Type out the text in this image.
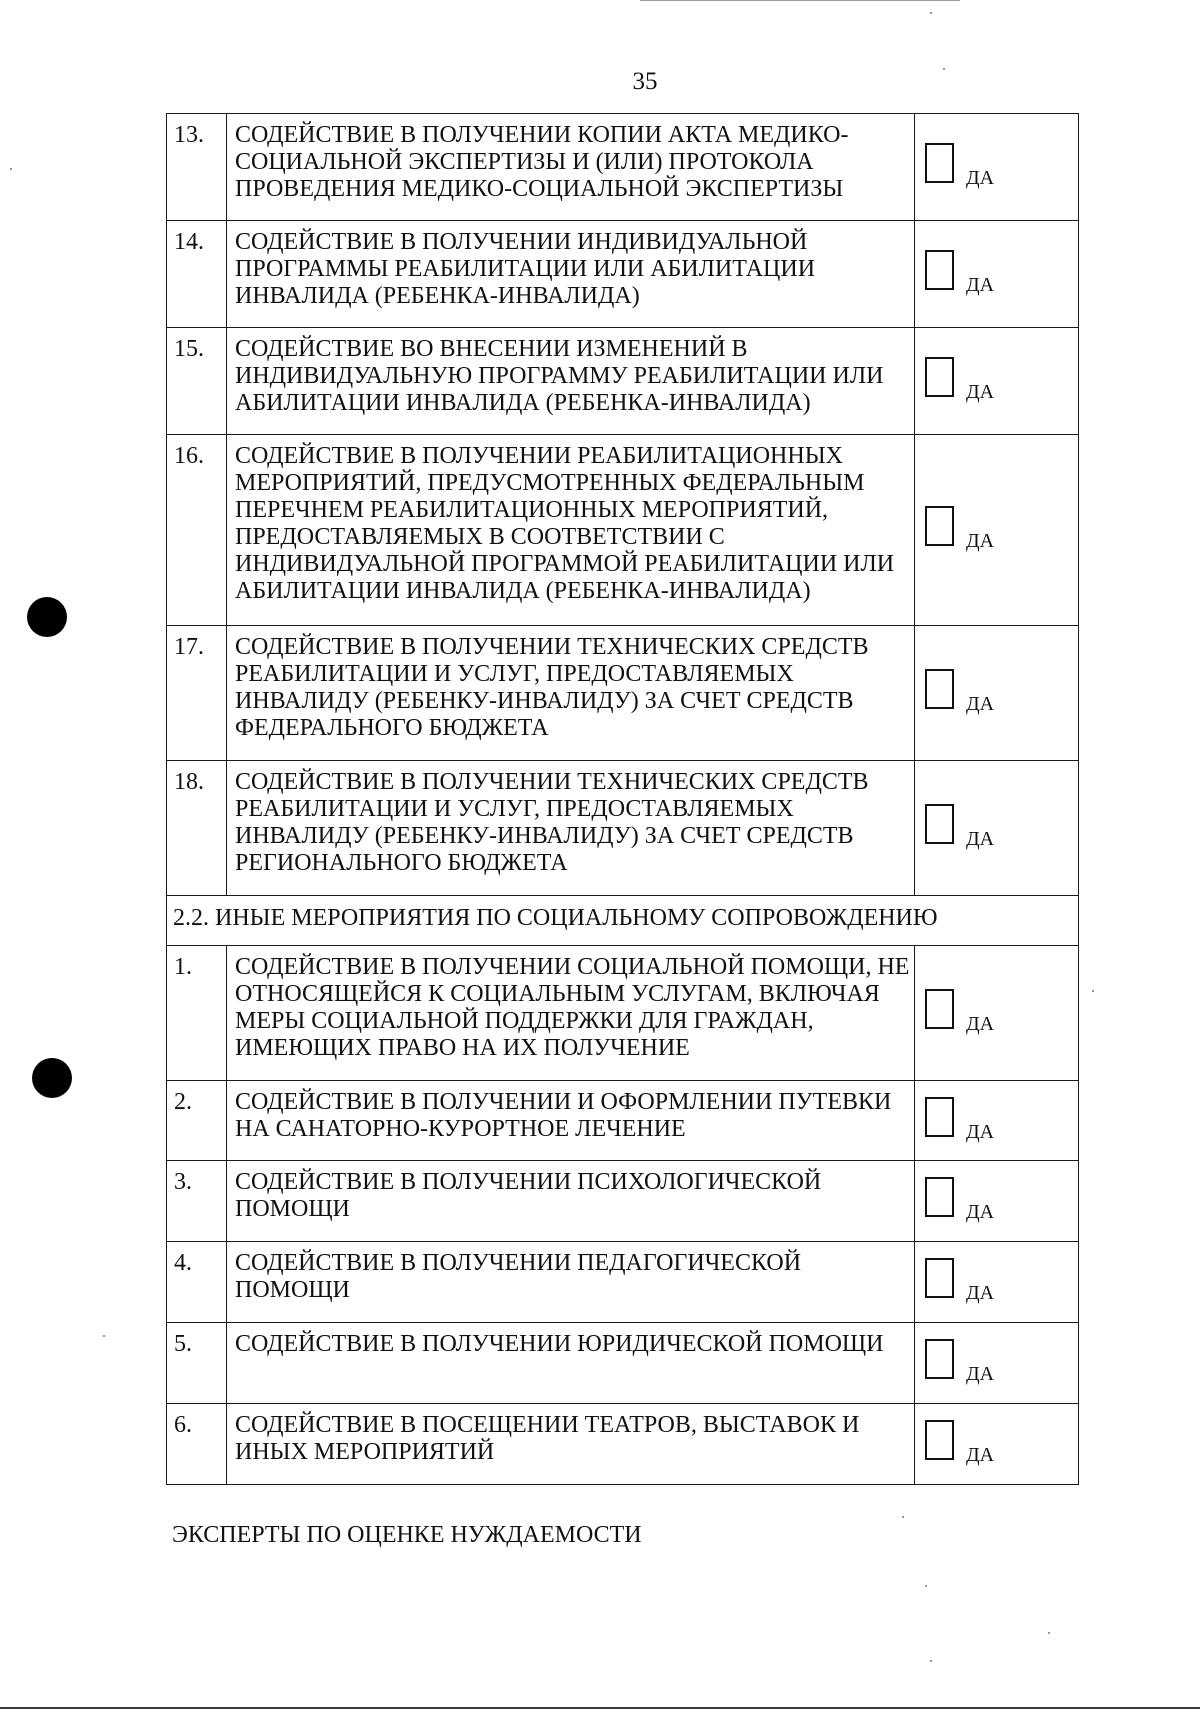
35
13.	СОДЕЙСТВИЕ В ПОЛУЧЕНИИ КОПИИ АКТА МЕДИКО-СОЦИАЛЬНОЙ ЭКСПЕРТИЗЫ И (ИЛИ) ПРОТОКОЛА ПРОВЕДЕНИЯ МЕДИКО-СОЦИАЛЬНОЙ ЭКСПЕРТИЗЫ	ДА

14.	СОДЕЙСТВИЕ В ПОЛУЧЕНИИ ИНДИВИДУАЛЬНОЙ ПРОГРАММЫ РЕАБИЛИТАЦИИ ИЛИ АБИЛИТАЦИИ ИНВАЛИДА (РЕБЕНКА-ИНВАЛИДА)	ДА

15.	СОДЕЙСТВИЕ ВО ВНЕСЕНИИ ИЗМЕНЕНИЙ В ИНДИВИДУАЛЬНУЮ ПРОГРАММУ РЕАБИЛИТАЦИИ ИЛИ АБИЛИТАЦИИ ИНВАЛИДА (РЕБЕНКА-ИНВАЛИДА)	ДА

16.	СОДЕЙСТВИЕ В ПОЛУЧЕНИИ РЕАБИЛИТАЦИОННЫХ МЕРОПРИЯТИЙ, ПРЕДУСМОТРЕННЫХ ФЕДЕРАЛЬНЫМ ПЕРЕЧНЕМ РЕАБИЛИТАЦИОННЫХ МЕРОПРИЯТИЙ, ПРЕДОСТАВЛЯЕМЫХ В СООТВЕТСТВИИ С ИНДИВИДУАЛЬНОЙ ПРОГРАММОЙ РЕАБИЛИТАЦИИ ИЛИ АБИЛИТАЦИИ ИНВАЛИДА (РЕБЕНКА-ИНВАЛИДА)	ДА

17.	СОДЕЙСТВИЕ В ПОЛУЧЕНИИ ТЕХНИЧЕСКИХ СРЕДСТВ РЕАБИЛИТАЦИИ И УСЛУГ, ПРЕДОСТАВЛЯЕМЫХ ИНВАЛИДУ (РЕБЕНКУ-ИНВАЛИДУ) ЗА СЧЕТ СРЕДСТВ ФЕДЕРАЛЬНОГО БЮДЖЕТА	ДА

18.	СОДЕЙСТВИЕ В ПОЛУЧЕНИИ ТЕХНИЧЕСКИХ СРЕДСТВ РЕАБИЛИТАЦИИ И УСЛУГ, ПРЕДОСТАВЛЯЕМЫХ ИНВАЛИДУ (РЕБЕНКУ-ИНВАЛИДУ) ЗА СЧЕТ СРЕДСТВ РЕГИОНАЛЬНОГО БЮДЖЕТА	ДА

2.2. ИНЫЕ МЕРОПРИЯТИЯ ПО СОЦИАЛЬНОМУ СОПРОВОЖДЕНИЮ		
1.	СОДЕЙСТВИЕ В ПОЛУЧЕНИИ СОЦИАЛЬНОЙ ПОМОЩИ, НЕ ОТНОСЯЩЕЙСЯ К СОЦИАЛЬНЫМ УСЛУГАМ, ВКЛЮЧАЯ МЕРЫ СОЦИАЛЬНОЙ ПОДДЕРЖКИ ДЛЯ ГРАЖДАН, ИМЕЮЩИХ ПРАВО НА ИХ ПОЛУЧЕНИЕ	ДА

2.	СОДЕЙСТВИЕ В ПОЛУЧЕНИИ И ОФОРМЛЕНИИ ПУТЕВКИ НА САНАТОРНО-КУРОРТНОЕ ЛЕЧЕНИЕ	ДА

3.	СОДЕЙСТВИЕ В ПОЛУЧЕНИИ ПСИХОЛОГИЧЕСКОЙ ПОМОЩИ	ДА

4.	СОДЕЙСТВИЕ В ПОЛУЧЕНИИ ПЕДАГОГИЧЕСКОЙ ПОМОЩИ	ДА

5.	СОДЕЙСТВИЕ В ПОЛУЧЕНИИ ЮРИДИЧЕСКОЙ ПОМОЩИ	ДА

6.	СОДЕЙСТВИЕ В ПОСЕЩЕНИИ ТЕАТРОВ, ВЫСТАВОК И ИНЫХ МЕРОПРИЯТИЙ	ДА
ЭКСПЕРТЫ ПО ОЦЕНКЕ НУЖДАЕМОСТИ
